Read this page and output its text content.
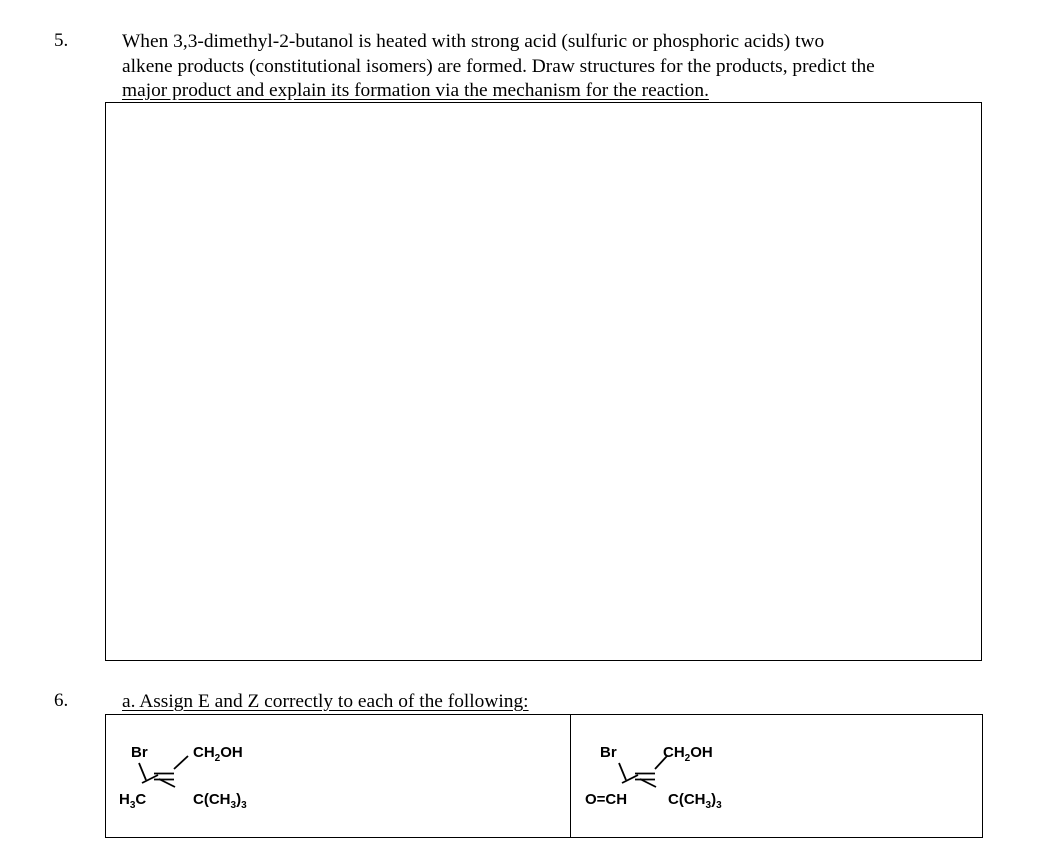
5.	When 3,3-dimethyl-2-butanol is heated with strong acid (sulfuric or phosphoric acids) two
alkene products (constitutional isomers) are formed. Draw structures for the products, predict the
major product and explain its formation via the mechanism for the reaction.
6.	a. Assign E and Z correctly to each of the following:
Br	$CH_2OH$
$H_3C$	$C(CH_3)_3$
Br	$CH_2OH$
O=CH	$C(CH_3)_3$
